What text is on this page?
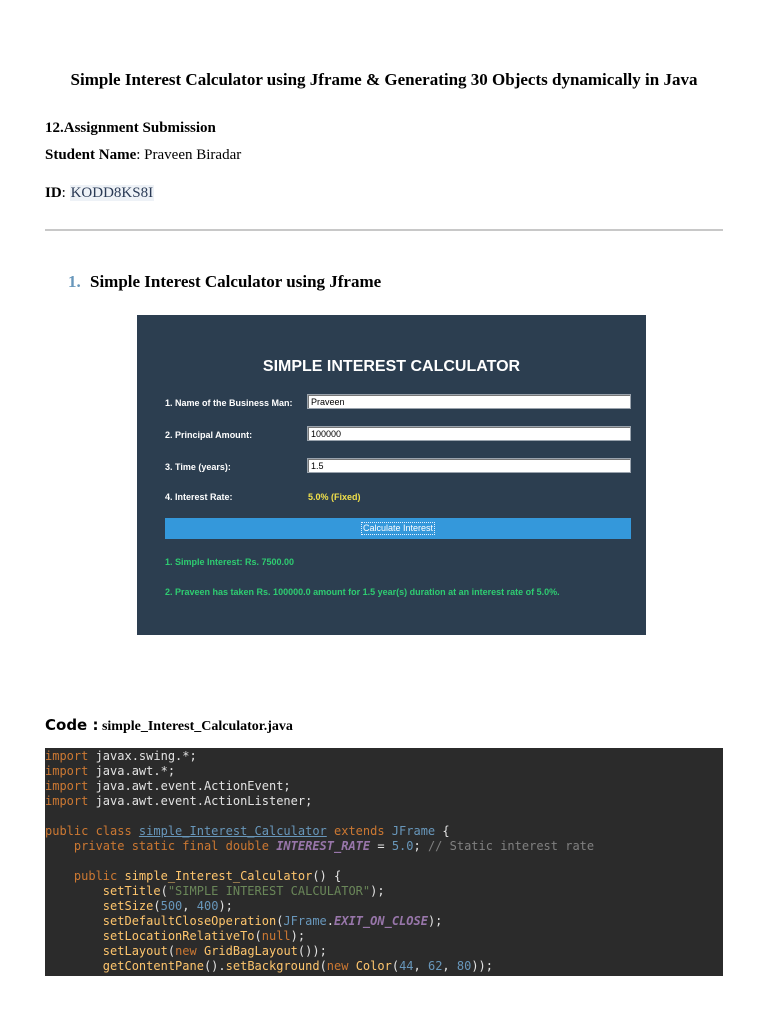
Simple Interest Calculator using Jframe & Generating 30 Objects dynamically in Java
12.Assignment Submission
Student Name: Praveen Biradar
ID: KODD8KS8I
1. Simple Interest Calculator using Jframe
SIMPLE INTEREST CALCULATOR
1. Name of the Business Man:	Praveen
2. Principal Amount:	100000
3. Time (years):	1.5
4. Interest Rate:	5.0% (Fixed)
Calculate Interest
1. Simple Interest: Rs. 7500.00
2. Praveen has taken Rs. 100000.0 amount for 1.5 year(s) duration at an interest rate of 5.0%.
Code : simple_Interest_Calculator.java
import javax.swing.*;
import java.awt.*;
import java.awt.event.ActionEvent;
import java.awt.event.ActionListener;
public class simple_Interest_Calculator extends JFrame {
private static final double INTEREST_RATE = 5.0; // Static interest rate
public simple_Interest_Calculator() {
setTitle("SIMPLE INTEREST CALCULATOR");
setSize(500, 400);
setDefaultCloseOperation(JFrame.EXIT_ON_CLOSE);
setLocationRelativeTo(null);
setLayout(new GridBagLayout());
getContentPane().setBackground(new Color(44, 62, 80));
